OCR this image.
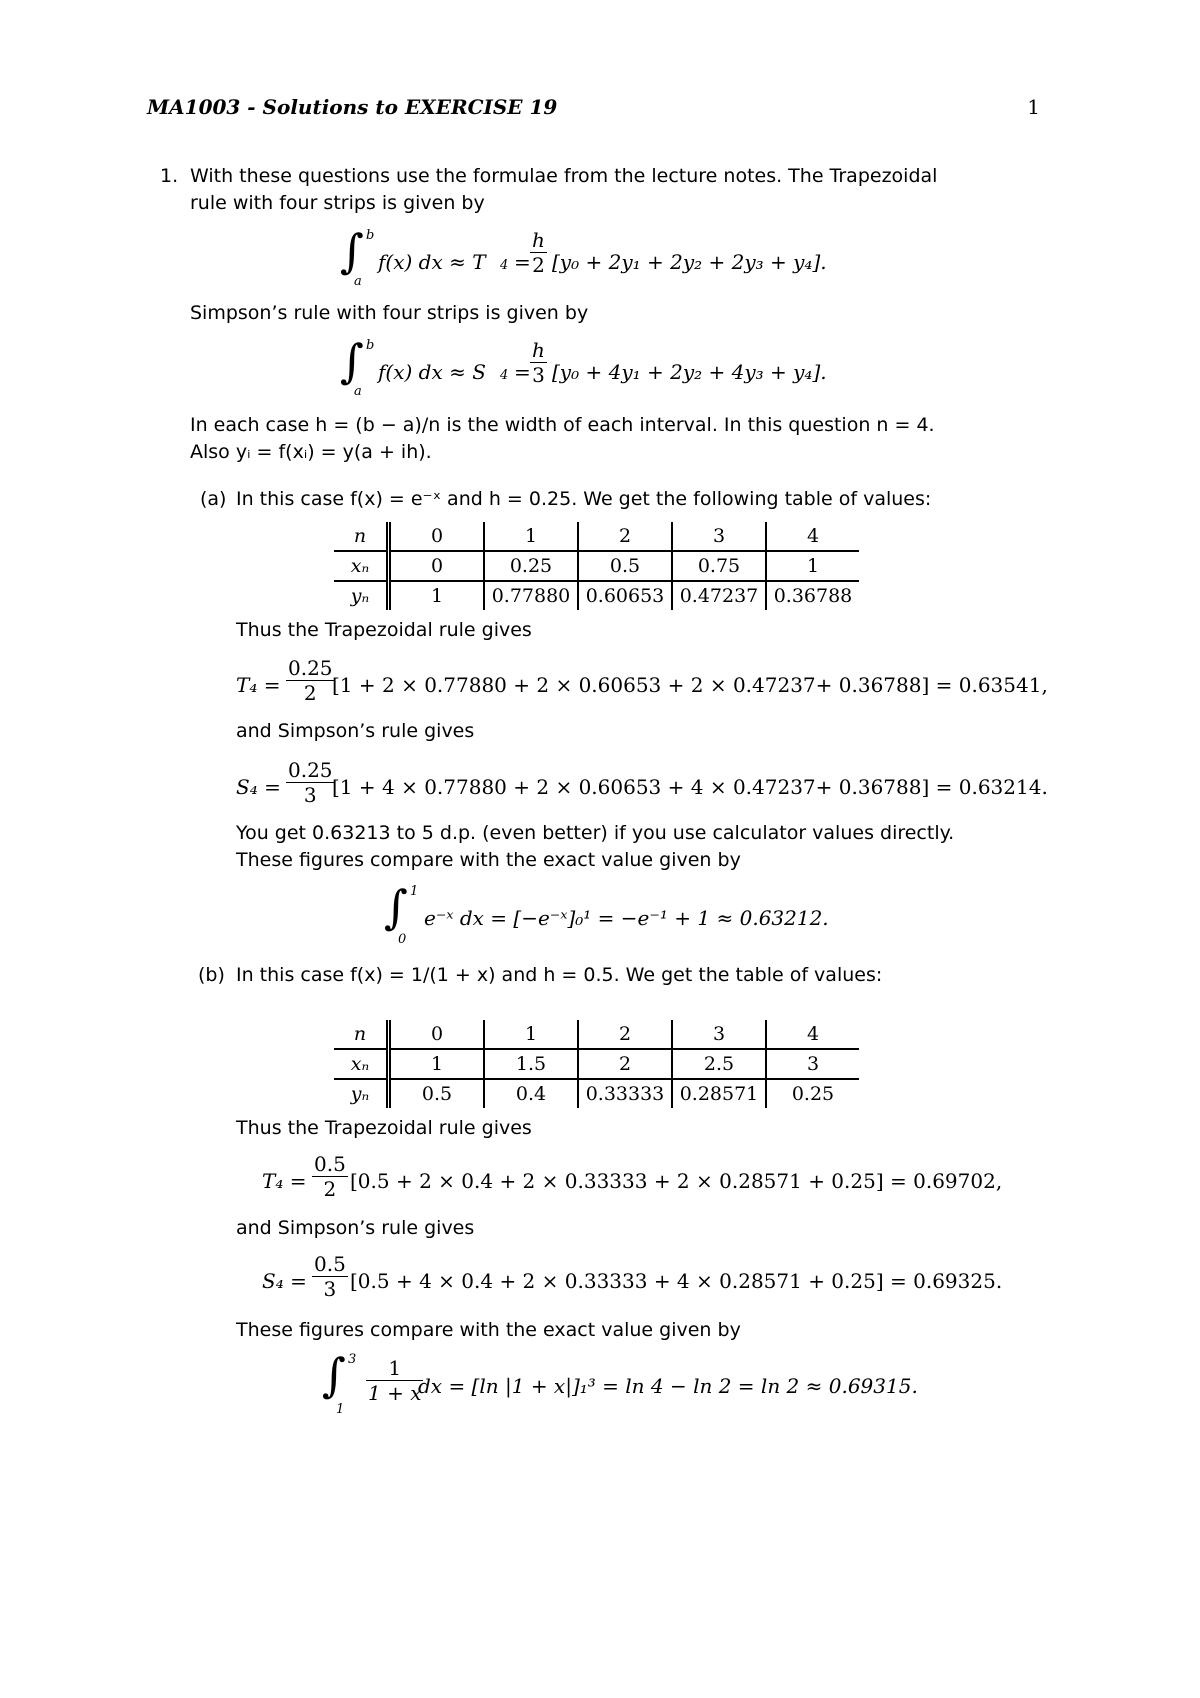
MA1003 - Solutions to EXERCISE 19	1
1. With these questions use the formulae from the lecture notes. The Trapezoidal
rule with four strips is given by
∫ b
a
f(x) dx ≈ T $4 = \frac{h}{2} [y_0 + 2y_1 + 2y_2 + 2y_3 + y_4]$.
Simpson’s rule with four strips is given by
∫ b
a
f(x) dx ≈ S $4 = \frac{h}{3} [y_0 + 4y_1 + 2y_2 + 4y_3 + y_4]$.
In each case h = (b − a)/n is the width of each interval. In this question n = 4.
Also yᵢ = f(xᵢ) = y(a + ih).
(a) In this case f(x) = e⁻ˣ and h = 0.25. We get the following table of values:
n	0	1	2	3	4
xₙ	0	0.25	0.5	0.75	1
yₙ	1	0.77880	0.60653	0.47237	0.36788
Thus the Trapezoidal rule gives
$T_4 = \frac{0.25}{2}$
[1 + 2 × 0.77880 + 2 × 0.60653 + 2 × 0.47237+ 0.36788] = 0.63541,
and Simpson’s rule gives
$S_4 = \frac{0.25}{3}$
[1 + 4 × 0.77880 + 2 × 0.60653 + 4 × 0.47237+ 0.36788] = 0.63214.
You get 0.63213 to 5 d.p. (even better) if you use calculator values directly.
These figures compare with the exact value given by
∫ 1
0
e⁻ˣ dx = [−e⁻ˣ]₀¹ = −e⁻¹ + 1 ≈ 0.63212.
(b) In this case f(x) = 1/(1 + x) and h = 0.5. We get the table of values:
n	0	1	2	3	4
xₙ	1	1.5	2	2.5	3
yₙ	0.5	0.4	0.33333	0.28571	0.25
Thus the Trapezoidal rule gives
$T_4 = \frac{0.5}{2} [0.5 + 2 \times 0.4 + 2 \times 0.33333 + 2 \times 0.28571 + 0.25] = 0.69702$,
and Simpson’s rule gives
$S_4 = \frac{0.5}{3} [0.5 + 4 \times 0.4 + 2 \times 0.33333 + 4 \times 0.28571 + 0.25] = 0.69325$.
These figures compare with the exact value given by
∫ 3
1
$\frac{1}{1 + x}$
dx = [ln |1 + x|]₁³ = ln 4 − ln 2 = ln 2 ≈ 0.69315.
